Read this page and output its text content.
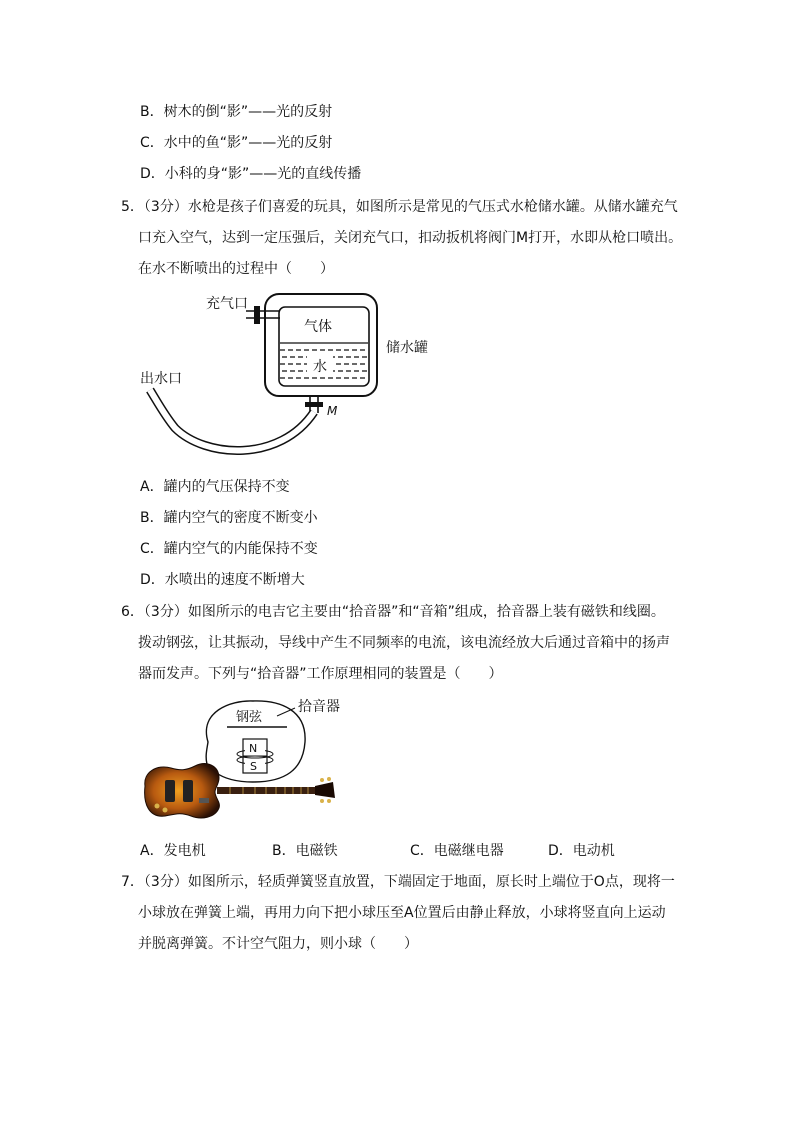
B．树木的倒“影”——光的反射
C．水中的鱼“影”——光的反射
D．小科的身“影”——光的直线传播
5．（3分）水枪是孩子们喜爱的玩具，如图所示是常见的气压式水枪储水罐。从储水罐充气
口充入空气，达到一定压强后，关闭充气口，扣动扳机将阀门M打开，水即从枪口喷出。
在水不断喷出的过程中（　　）
充气口
气体
储水罐
水
出水口
M
A．罐内的气压保持不变
B．罐内空气的密度不断变小
C．罐内空气的内能保持不变
D．水喷出的速度不断增大
6．（3分）如图所示的电吉它主要由“拾音器”和“音箱”组成，拾音器上装有磁铁和线圈。
拨动钢弦，让其振动，导线中产生不同频率的电流，该电流经放大后通过音箱中的扬声
器而发声。下列与“拾音器”工作原理相同的装置是（　　）
N
S
钢弦
拾音器
A．发电机	B．电磁铁	C．电磁继电器	D．电动机
7．（3分）如图所示，轻质弹簧竖直放置，下端固定于地面，原长时上端位于O点，现将一
小球放在弹簧上端，再用力向下把小球压至A位置后由静止释放，小球将竖直向上运动
并脱离弹簧。不计空气阻力，则小球（　　）
